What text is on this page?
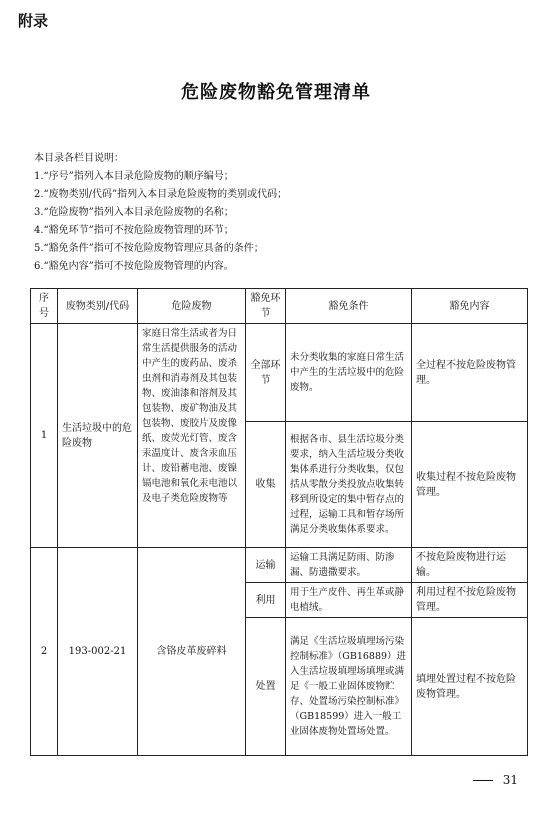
附录
危险废物豁免管理清单
本目录各栏目说明：
1.“序号”指列入本目录危险废物的顺序编号；
2.“废物类别/代码”指列入本目录危险废物的类别或代码；
3.“危险废物”指列入本目录危险废物的名称；
4.“豁免环节”指可不按危险废物管理的环节；
5.“豁免条件”指可不按危险废物管理应具备的条件；
6.“豁免内容”指可不按危险废物管理的内容。
序号	废物类别/代码	危险废物	豁免环节	豁免条件	豁免内容
1	生活垃圾中的危险废物	家庭日常生活或者为日常生活提供服务的活动中产生的废药品、废杀虫剂和消毒剂及其包装物、废油漆和溶剂及其包装物、废矿物油及其包装物、废胶片及废像纸、废荧光灯管、废含汞温度计、废含汞血压计、废铅蓄电池、废镍镉电池和氧化汞电池以及电子类危险废物等	全部环节	未分类收集的家庭日常生活中产生的生活垃圾中的危险废物。	全过程不按危险废物管理。
			收集	根据各市、县生活垃圾分类要求，纳入生活垃圾分类收集体系进行分类收集，仅包括从零散分类投放点收集转移到所设定的集中暂存点的过程，运输工具和暂存场所满足分类收集体系要求。	收集过程不按危险废物管理。
2	193-002-21	含铬皮革废碎料	运输	运输工具满足防雨、防渗漏、防遗撒要求。	不按危险废物进行运输。
			利用	用于生产皮件、再生革或静电植绒。	利用过程不按危险废物管理。
			处置	满足《生活垃圾填埋场污染控制标准》（GB16889）进入生活垃圾填埋场填埋或满足《一般工业固体废物贮存、处置场污染控制标准》（GB18599）进入一般工业固体废物处置场处置。	填埋处置过程不按危险废物管理。
31
